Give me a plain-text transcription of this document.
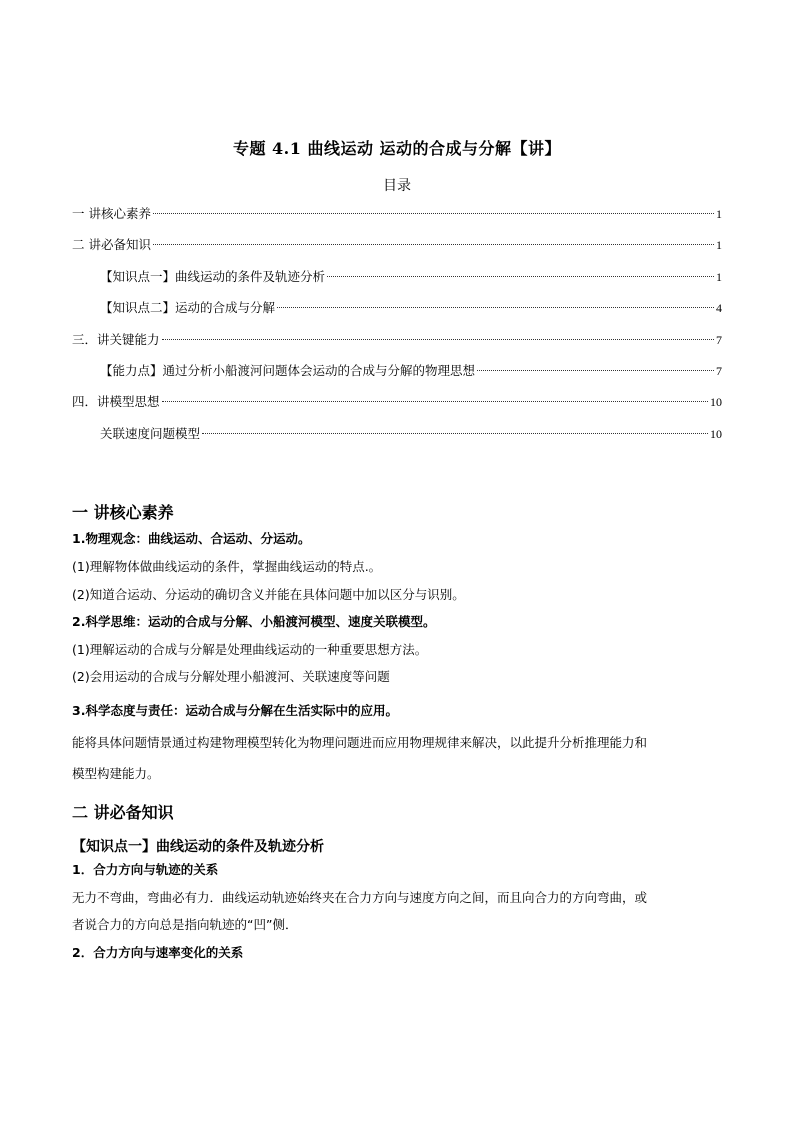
专题 4.1 曲线运动 运动的合成与分解【讲】
目录
一 讲核心素养	1
二 讲必备知识	1
【知识点一】曲线运动的条件及轨迹分析	1
【知识点二】运动的合成与分解	4
三．讲关键能力	7
【能力点】通过分析小船渡河问题体会运动的合成与分解的物理思想	7
四．讲模型思想	10
关联速度问题模型	10
一 讲核心素养
1.物理观念：曲线运动、合运动、分运动。
(1)理解物体做曲线运动的条件，掌握曲线运动的特点.。
(2)知道合运动、分运动的确切含义并能在具体问题中加以区分与识别。
2.科学思维：运动的合成与分解、小船渡河模型、速度关联模型。
(1)理解运动的合成与分解是处理曲线运动的一种重要思想方法。
(2)会用运动的合成与分解处理小船渡河、关联速度等问题
3.科学态度与责任：运动合成与分解在生活实际中的应用。
能将具体问题情景通过构建物理模型转化为物理问题进而应用物理规律来解决，以此提升分析推理能力和
模型构建能力。
二 讲必备知识
【知识点一】曲线运动的条件及轨迹分析
1．合力方向与轨迹的关系
无力不弯曲，弯曲必有力．曲线运动轨迹始终夹在合力方向与速度方向之间，而且向合力的方向弯曲，或
者说合力的方向总是指向轨迹的“凹”侧．
2．合力方向与速率变化的关系
